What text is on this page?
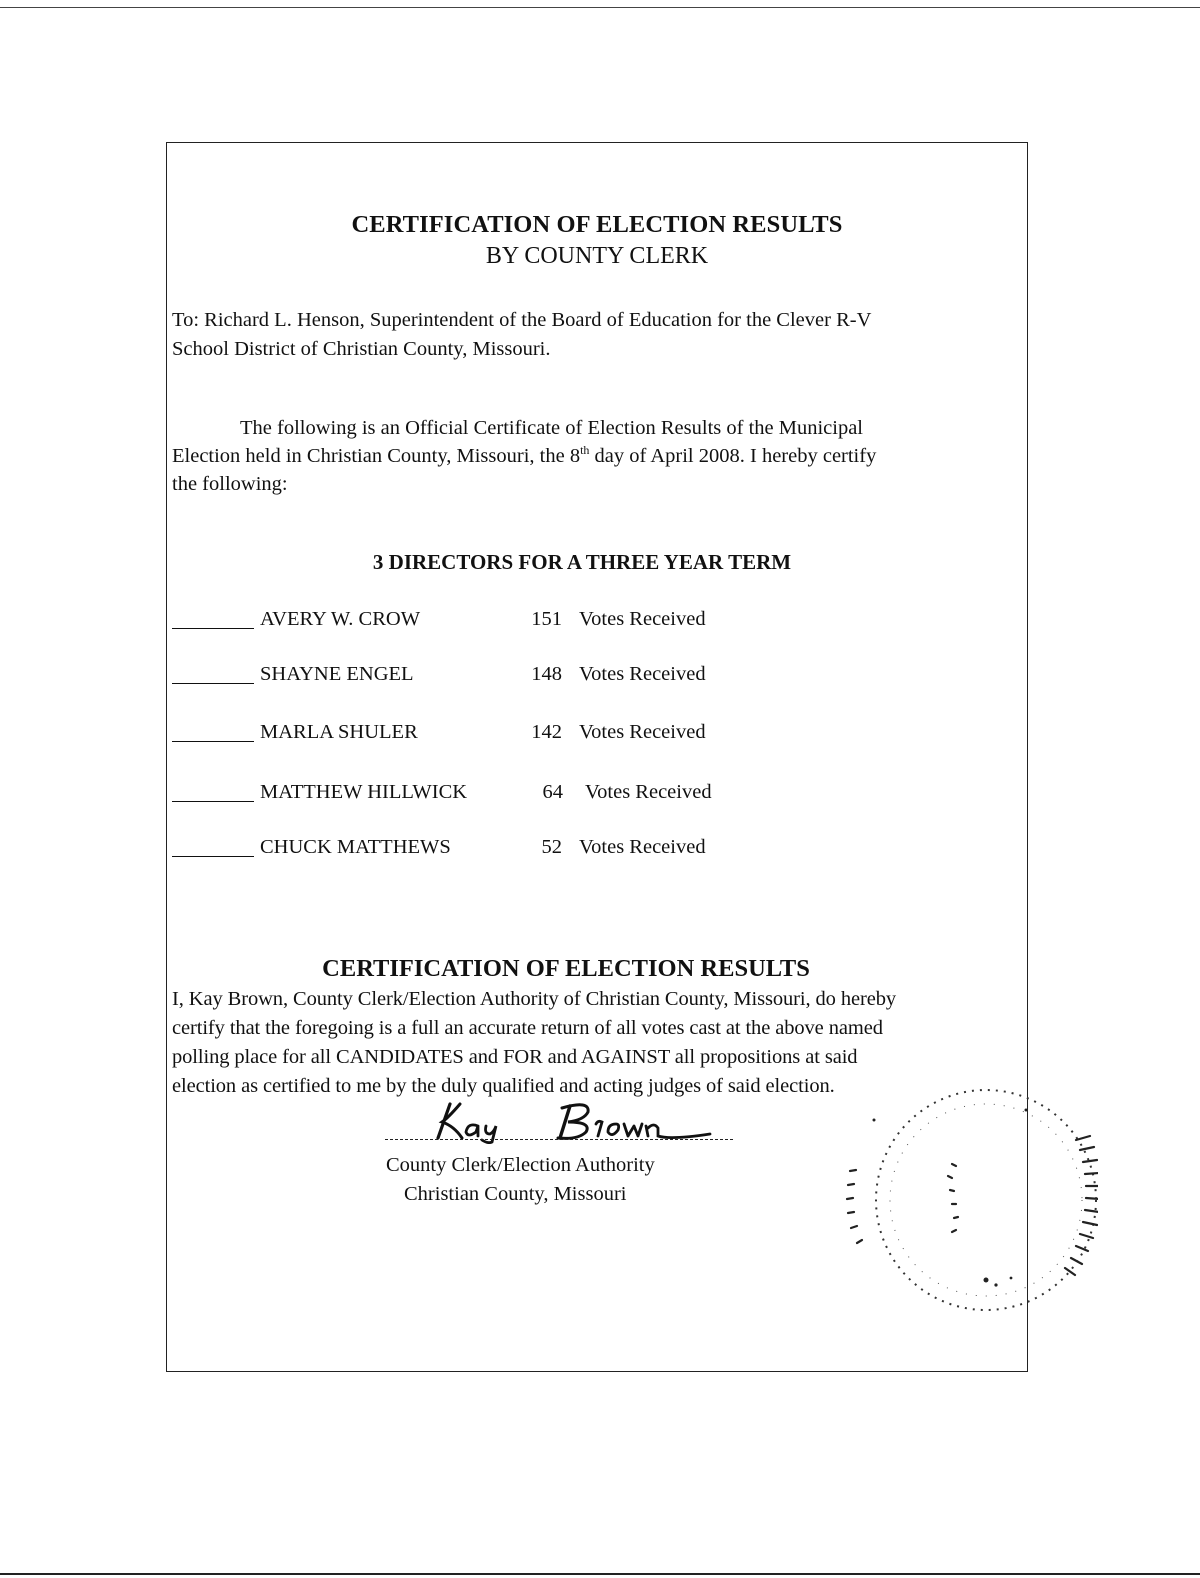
CERTIFICATION OF ELECTION RESULTS
BY COUNTY CLERK
To: Richard L. Henson, Superintendent of the Board of Education for the Clever R-V
School District of Christian County, Missouri.
The following is an Official Certificate of Election Results of the Municipal
Election held in Christian County, Missouri, the 8th day of April 2008. I hereby certify
the following:
3 DIRECTORS FOR A THREE YEAR TERM
AVERY W. CROW	151 Votes Received
SHAYNE ENGEL	148 Votes Received
MARLA SHULER	142 Votes Received
MATTHEW HILLWICK	64 Votes Received
CHUCK MATTHEWS	52 Votes Received
CERTIFICATION OF ELECTION RESULTS
I, Kay Brown, County Clerk/Election Authority of Christian County, Missouri, do hereby
certify that the foregoing is a full an accurate return of all votes cast at the above named
polling place for all CANDIDATES and FOR and AGAINST all propositions at said
election as certified to me by the duly qualified and acting judges of said election.
County Clerk/Election Authority
Christian County, Missouri
